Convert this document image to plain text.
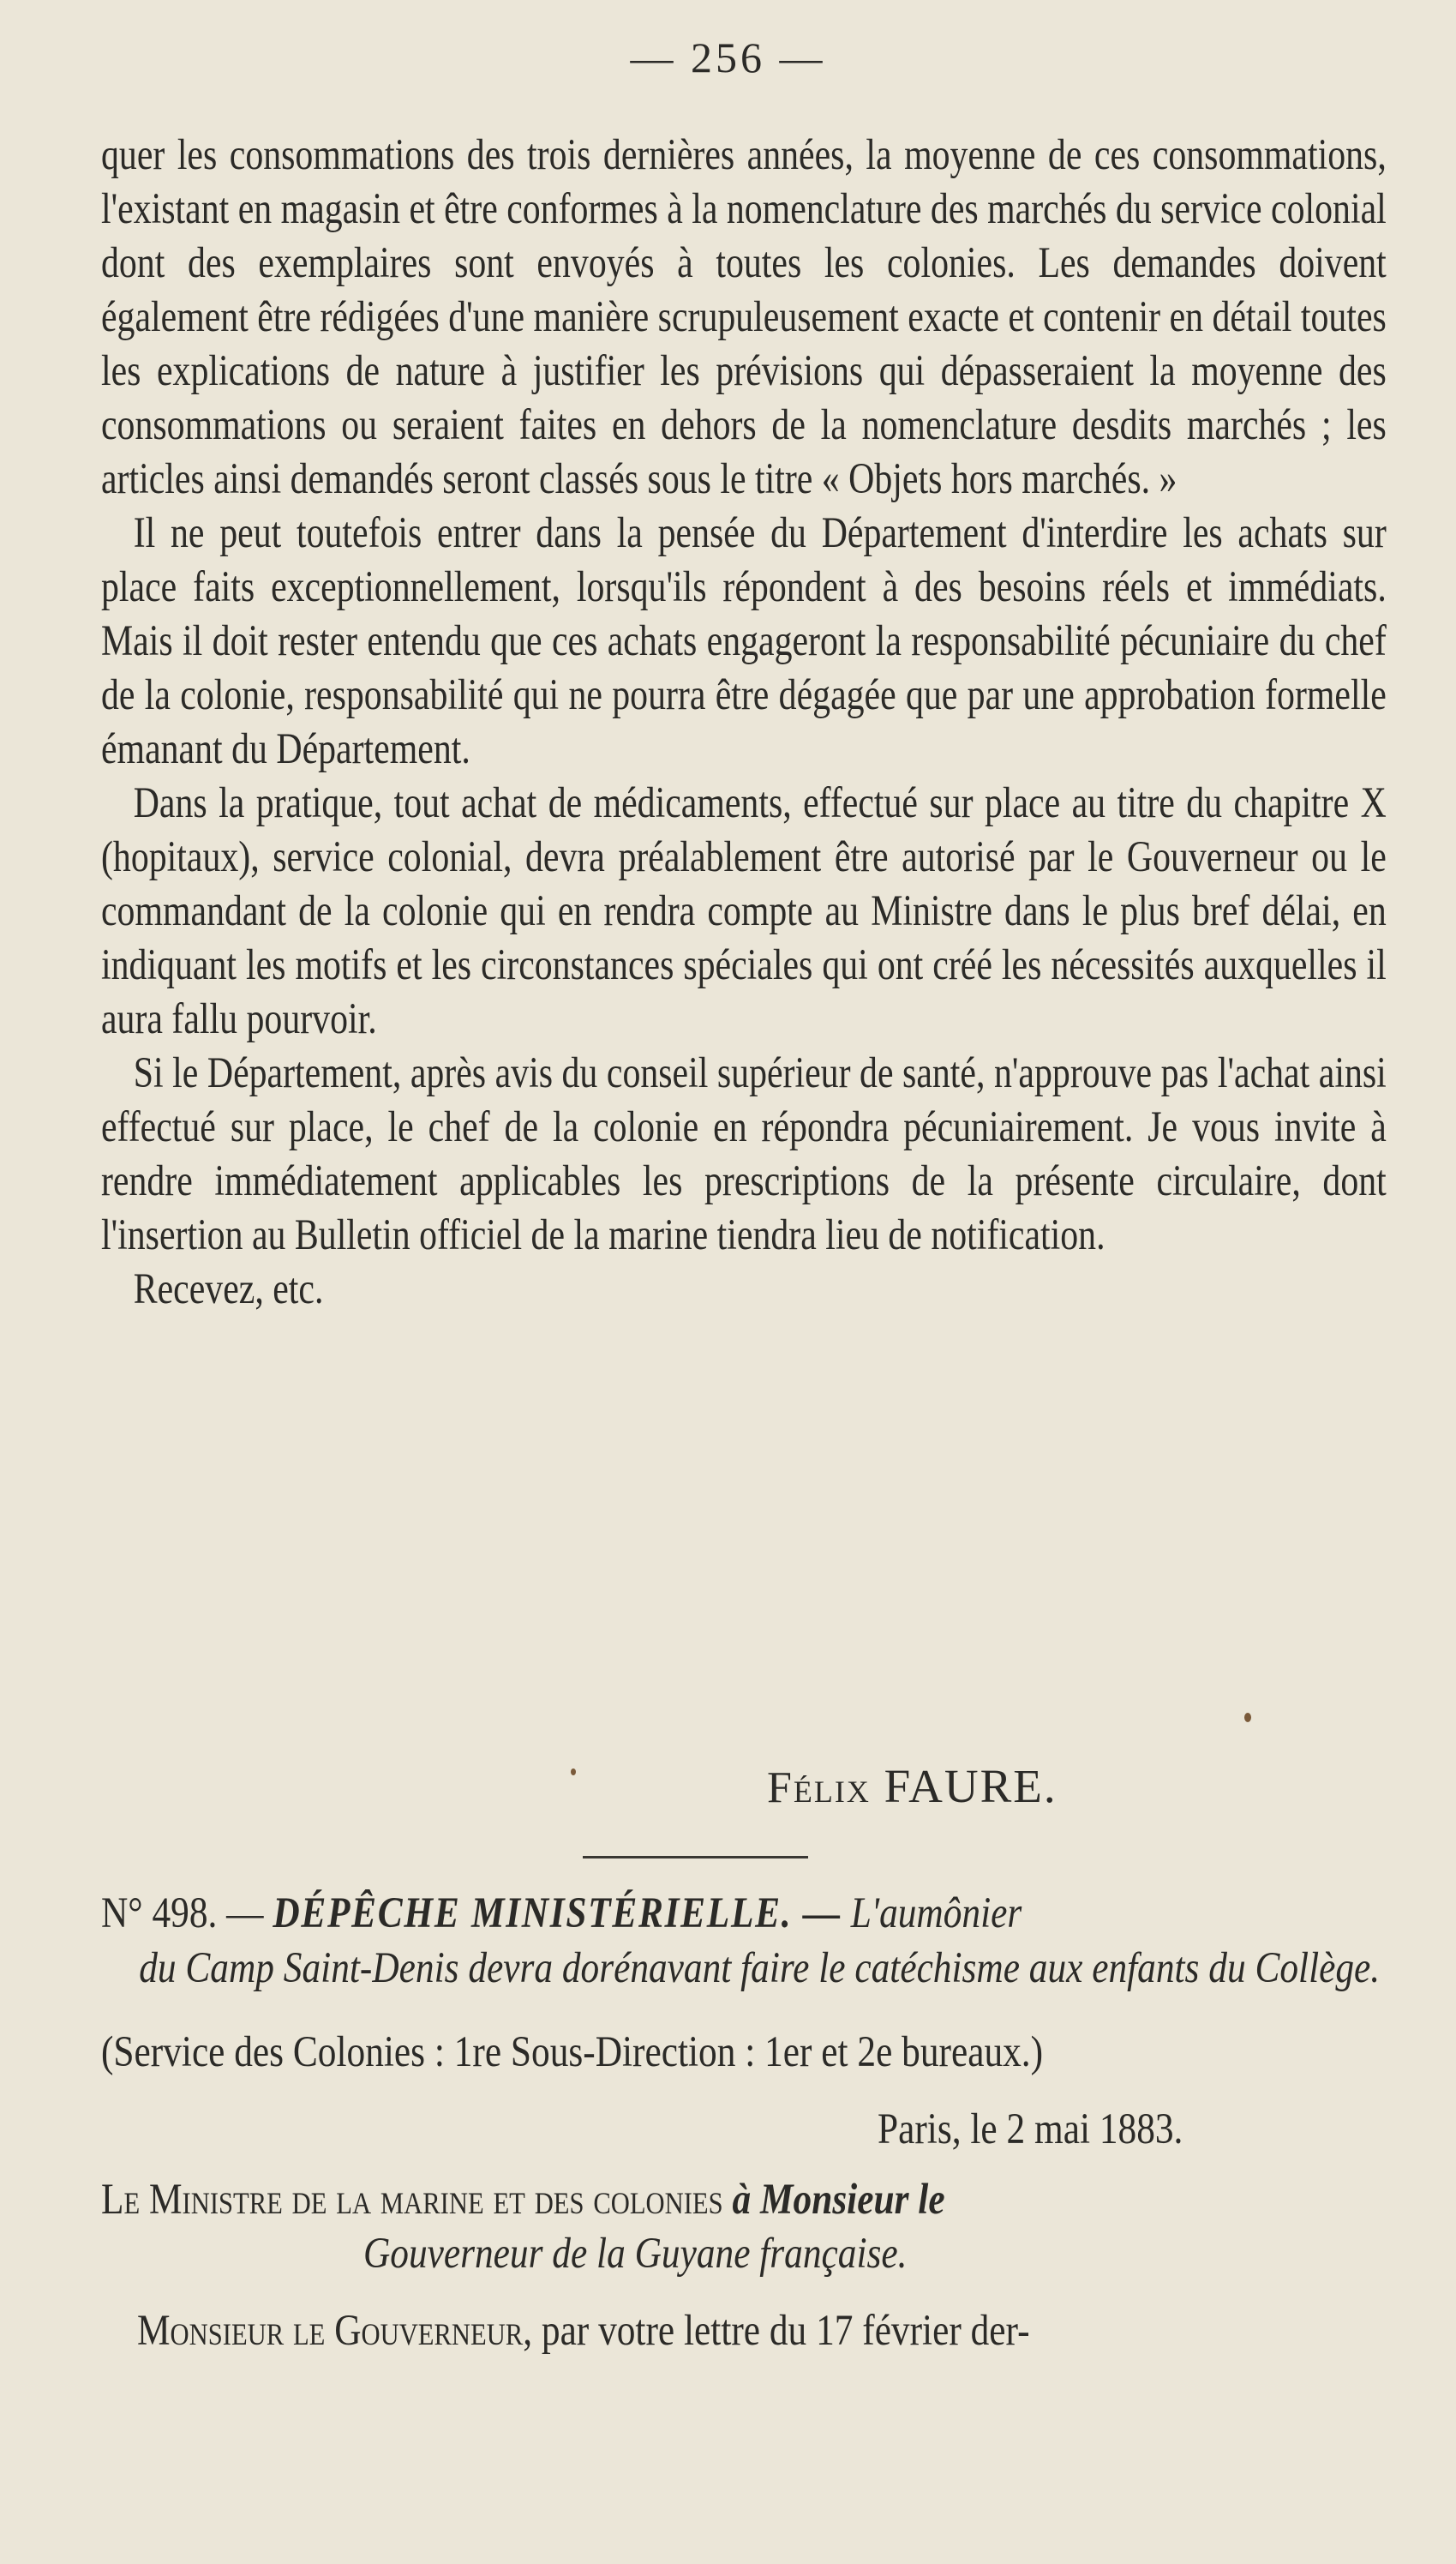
— 256 —

quer les consommations des trois dernières années, la moyenne de ces consommations, l'existant en magasin et être conformes à la nomenclature des marchés du service colonial dont des exemplaires sont envoyés à toutes les colonies. Les demandes doivent également être rédigées d'une manière scrupuleusement exacte et contenir en détail toutes les explications de nature à justifier les prévisions qui dépasseraient la moyenne des consommations ou seraient faites en dehors de la nomenclature desdits marchés ; les articles ainsi demandés seront classés sous le titre « Objets hors marchés. »

Il ne peut toutefois entrer dans la pensée du Département d'interdire les achats sur place faits exceptionnellement, lorsqu'ils répondent à des besoins réels et immédiats. Mais il doit rester entendu que ces achats engageront la responsabilité pécuniaire du chef de la colonie, responsabilité qui ne pourra être dégagée que par une approbation formelle émanant du Département.

Dans la pratique, tout achat de médicaments, effectué sur place au titre du chapitre X (hopitaux), service colonial, devra préalablement être autorisé par le Gouverneur ou le commandant de la colonie qui en rendra compte au Ministre dans le plus bref délai, en indiquant les motifs et les circonstances spéciales qui ont créé les nécessités auxquelles il aura fallu pourvoir.

Si le Département, après avis du conseil supérieur de santé, n'approuve pas l'achat ainsi effectué sur place, le chef de la colonie en répondra pécuniairement. Je vous invite à rendre immédiatement applicables les prescriptions de la présente circulaire, dont l'insertion au Bulletin officiel de la marine tiendra lieu de notification.

Recevez, etc.

Félix FAURE.
N° 498. — DÉPÊCHE MINISTÉRIELLE. — L'aumônier
du Camp Saint-Denis devra dorénavant faire le catéchisme aux enfants du Collège.
(Service des Colonies : 1re Sous-Direction : 1er et 2e bureaux.)
Paris, le 2 mai 1883.
Le Ministre de la marine et des colonies à Monsieur le
Gouverneur de la Guyane française.
Monsieur le Gouverneur, par votre lettre du 17 février der-
